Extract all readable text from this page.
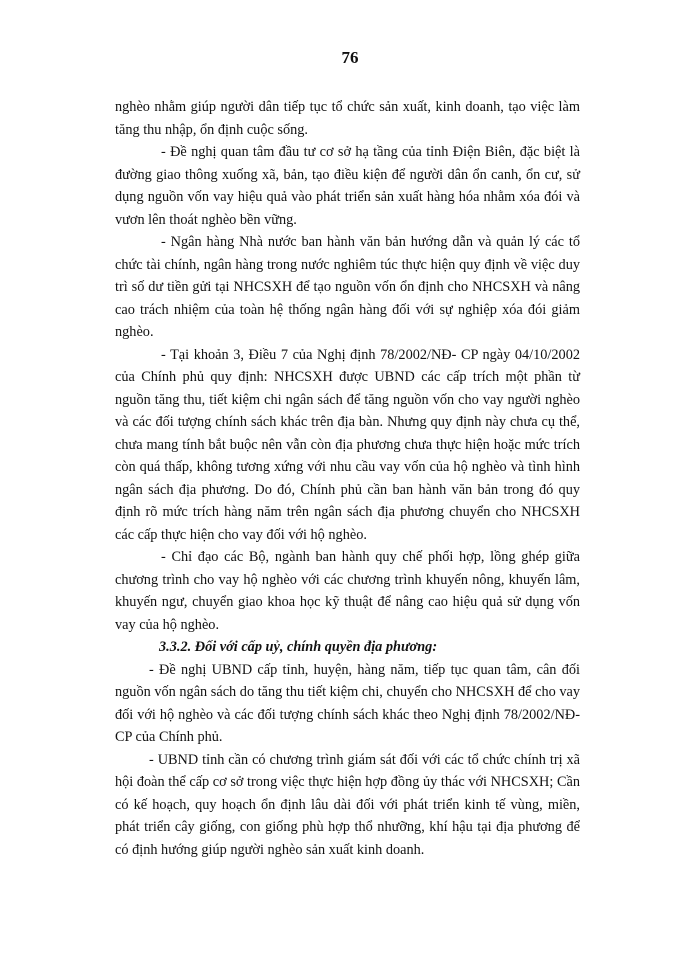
76

nghèo nhằm giúp người dân tiếp tục tổ chức sản xuất, kinh doanh, tạo việc làm tăng thu nhập, ổn định cuộc sống.

- Đề nghị quan tâm đầu tư cơ sở hạ tầng của tỉnh Điện Biên, đặc biệt là đường giao thông xuống xã, bản, tạo điều kiện để người dân ổn canh, ổn cư, sử dụng nguồn vốn vay hiệu quả vào phát triển sản xuất hàng hóa nhằm xóa đói và vươn lên thoát nghèo bền vững.

- Ngân hàng Nhà nước ban hành văn bản hướng dẫn và quản lý các tổ chức tài chính, ngân hàng trong nước nghiêm túc thực hiện quy định về việc duy trì số dư tiền gửi tại NHCSXH để tạo nguồn vốn ổn định cho NHCSXH và nâng cao trách nhiệm của toàn hệ thống ngân hàng đối với sự nghiệp xóa đói giảm nghèo.

- Tại khoản 3, Điều 7 của Nghị định 78/2002/NĐ- CP ngày 04/10/2002 của Chính phủ quy định: NHCSXH được UBND các cấp trích một phần từ nguồn tăng thu, tiết kiệm chi ngân sách để tăng nguồn vốn cho vay người nghèo và các đối tượng chính sách khác trên địa bàn. Nhưng quy định này chưa cụ thể, chưa mang tính bắt buộc nên vẫn còn địa phương chưa thực hiện hoặc mức trích còn quá thấp, không tương xứng với nhu cầu vay vốn của hộ nghèo và tình hình ngân sách địa phương. Do đó, Chính phủ cần ban hành văn bản trong đó quy định rõ mức trích hàng năm trên ngân sách địa phương chuyển cho NHCSXH các cấp thực hiện cho vay đối với hộ nghèo.

- Chỉ đạo các Bộ, ngành ban hành quy chế phối hợp, lồng ghép giữa chương trình cho vay hộ nghèo với các chương trình khuyến nông, khuyến lâm, khuyến ngư, chuyển giao khoa học kỹ thuật để nâng cao hiệu quả sử dụng vốn vay của hộ nghèo.

3.3.2. Đối với cấp uỷ, chính quyền địa phương:

- Đề nghị UBND cấp tỉnh, huyện, hàng năm, tiếp tục quan tâm, cân đối nguồn vốn ngân sách do tăng thu tiết kiệm chi, chuyển cho NHCSXH để cho vay đối với hộ nghèo và các đối tượng chính sách khác theo Nghị định 78/2002/NĐ-CP của Chính phủ.

- UBND tỉnh cần có chương trình giám sát đối với các tổ chức chính trị xã hội đoàn thể cấp cơ sở trong việc thực hiện hợp đồng ủy thác với NHCSXH; Cần có kế hoạch, quy hoạch ổn định lâu dài đối với phát triển kinh tế vùng, miền, phát triển cây giống, con giống phù hợp thổ nhưỡng, khí hậu tại địa phương để có định hướng giúp người nghèo sản xuất kinh doanh.
